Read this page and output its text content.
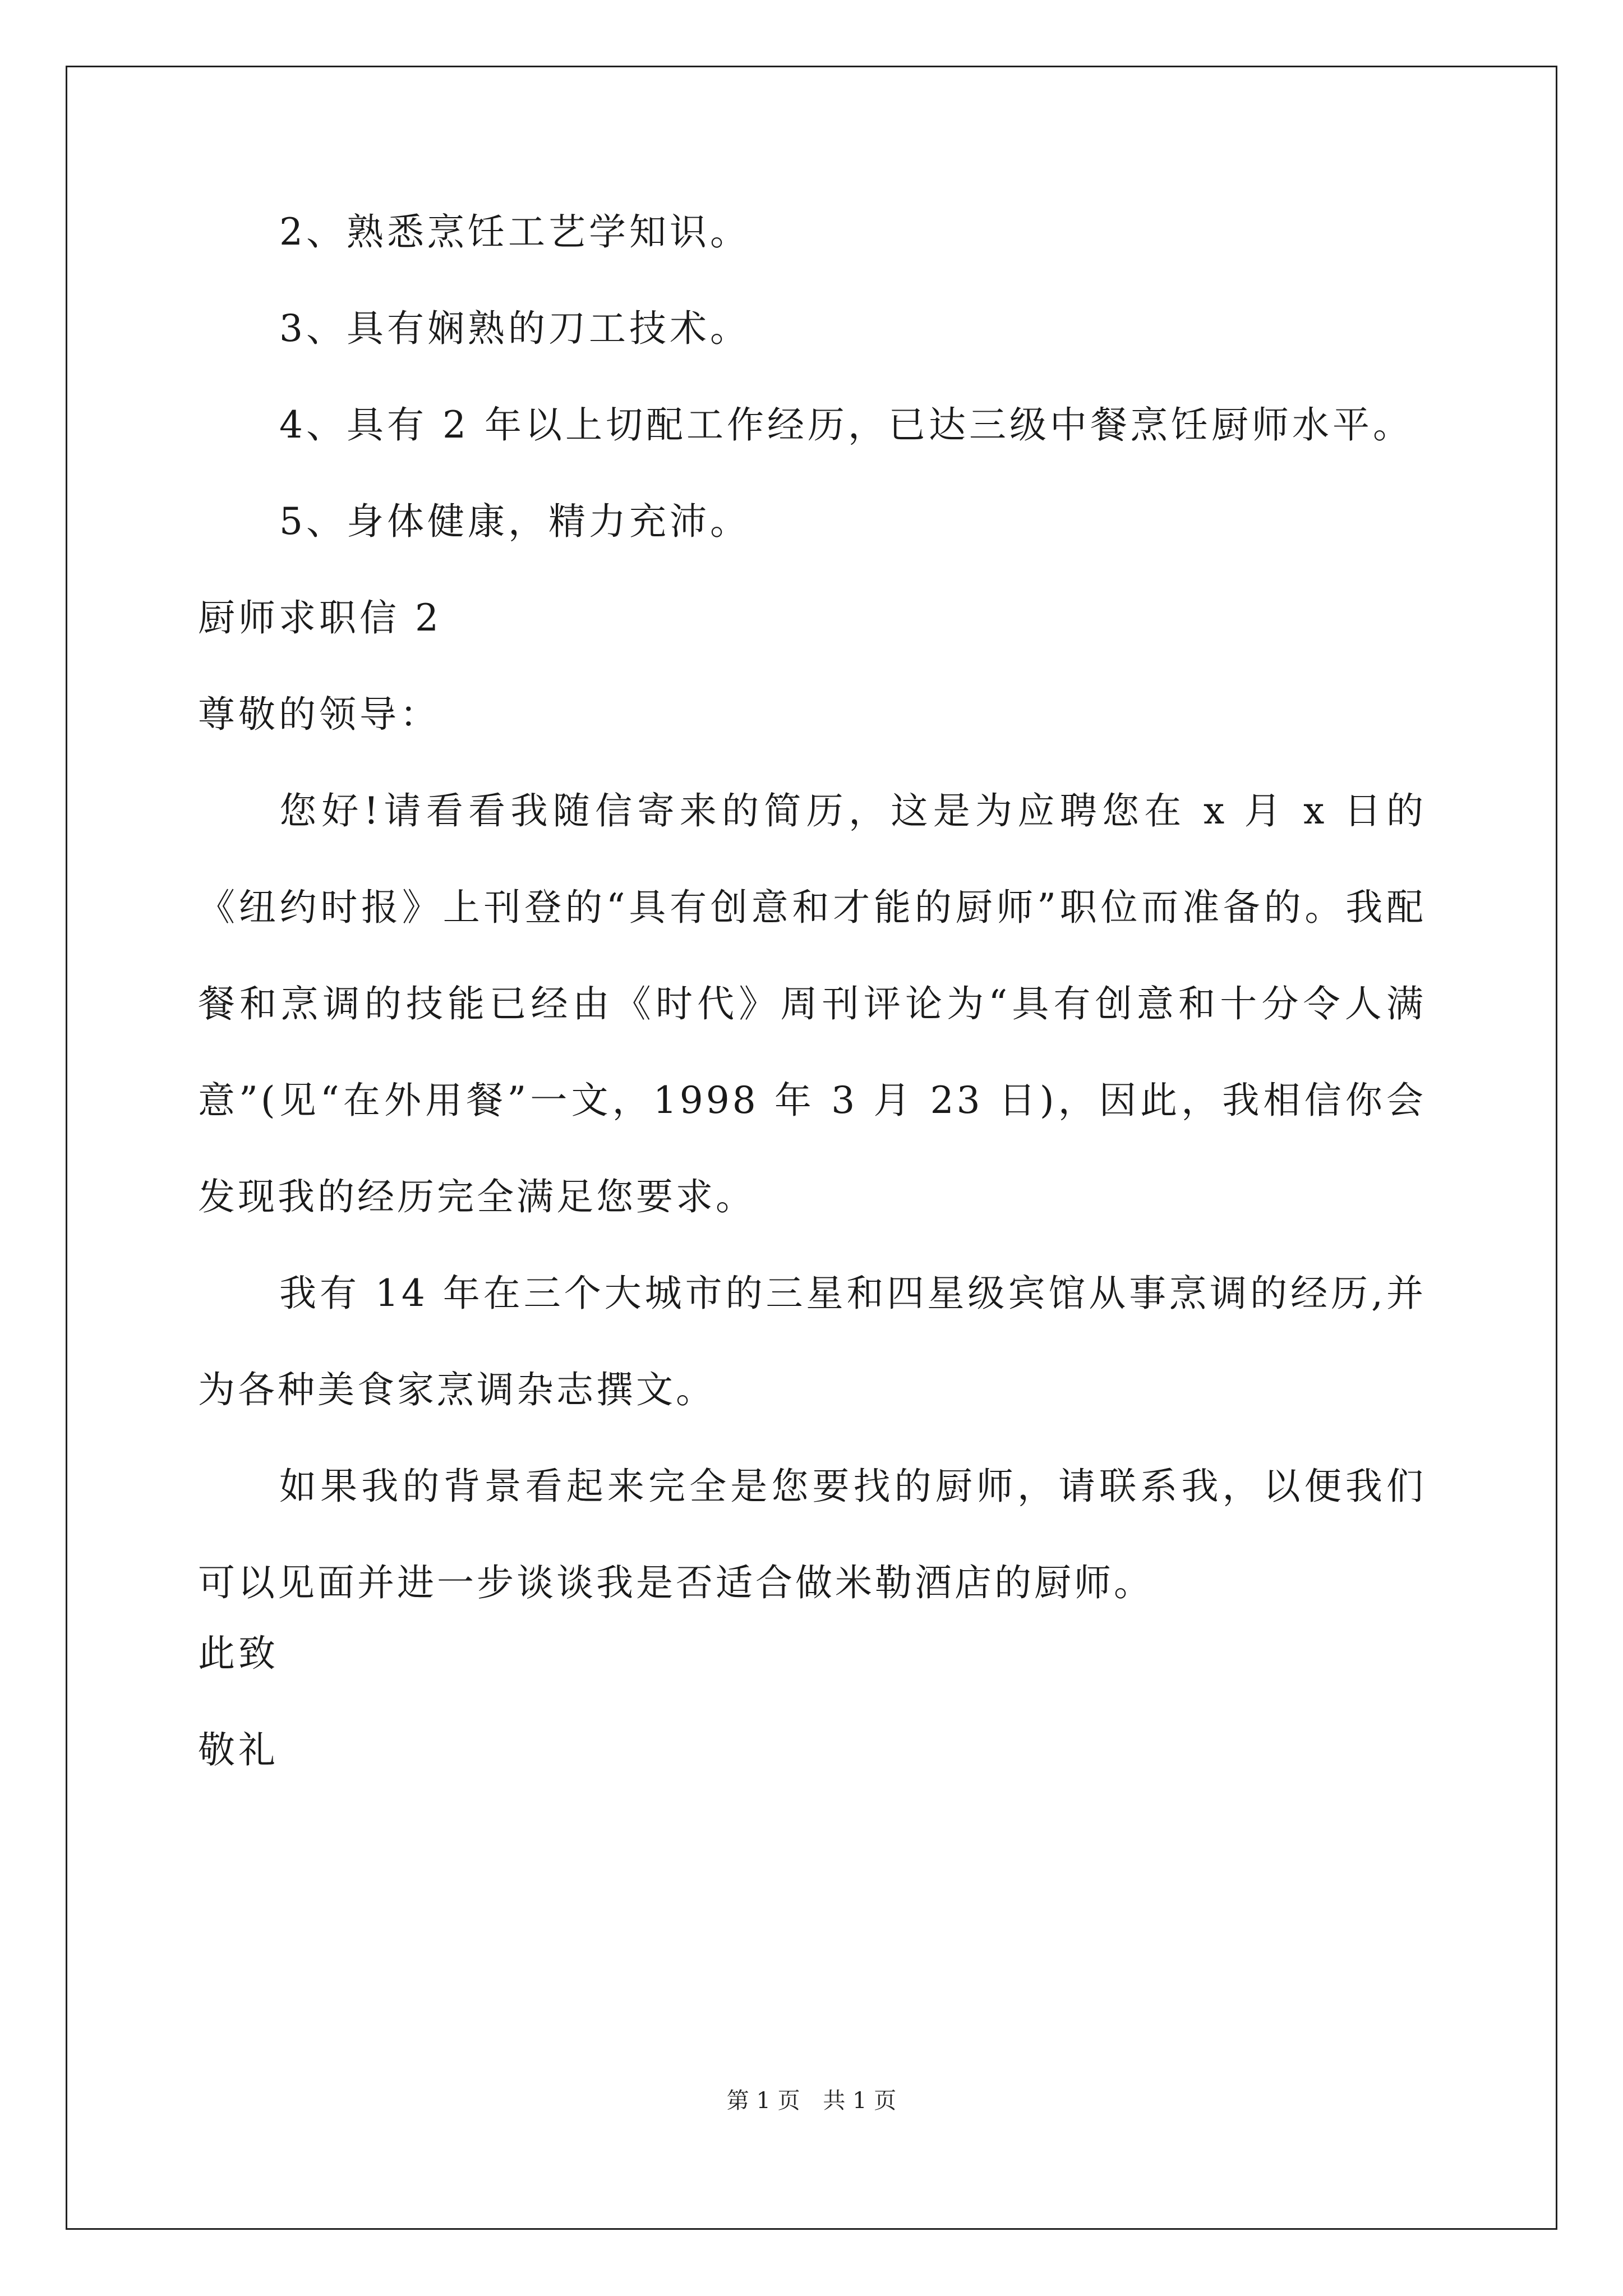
2、熟悉烹饪工艺学知识。

3、具有娴熟的刀工技术。

4、具有 2 年以上切配工作经历，已达三级中餐烹饪厨师水平。

5、身体健康，精力充沛。

厨师求职信 2

尊敬的领导：

您好!请看看我随信寄来的简历，这是为应聘您在 x 月 x 日的《纽约时报》上刊登的“具有创意和才能的厨师”职位而准备的。我配餐和烹调的技能已经由《时代》周刊评论为“具有创意和十分令人满意”(见“在外用餐”一文，1998 年 3 月 23 日)，因此，我相信你会发现我的经历完全满足您要求。

我有 14 年在三个大城市的三星和四星级宾馆从事烹调的经历,并为各种美食家烹调杂志撰文。

如果我的背景看起来完全是您要找的厨师，请联系我，以便我们可以见面并进一步谈谈我是否适合做米勒酒店的厨师。

此致

敬礼

第 1 页 共 1 页
